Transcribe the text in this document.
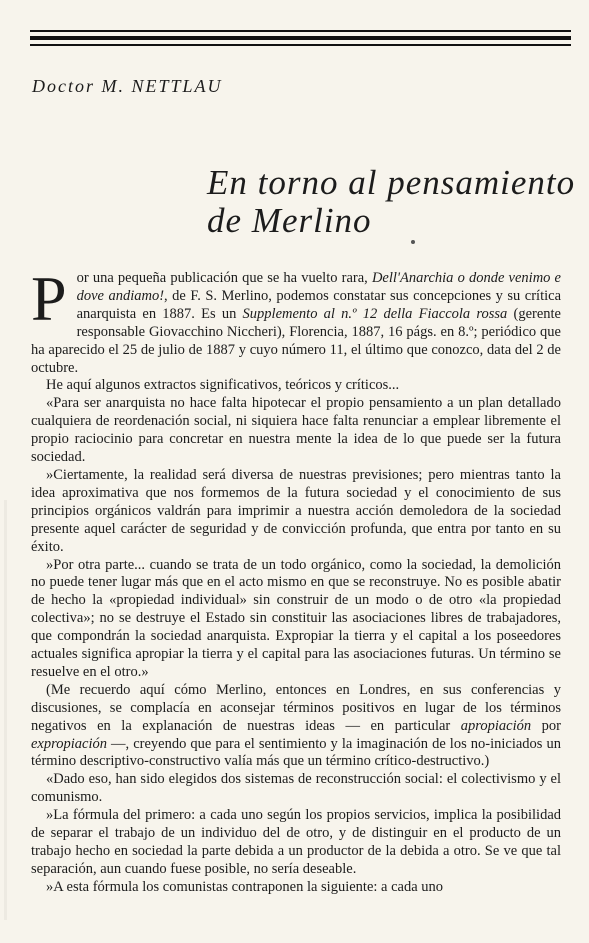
Doctor M. NETTLAU
En torno al pensamiento
de Merlino

Por una pequeña publicación que se ha vuelto rara, Dell'Anarchia o donde venimo e dove andiamo!, de F. S. Merlino, podemos constatar sus concepciones y su crítica anarquista en 1887. Es un Supplemento al n.º 12 della Fiaccola rossa (gerente responsable Giovacchino Niccheri), Florencia, 1887, 16 págs. en 8.º; periódico que ha aparecido el 25 de julio de 1887 y cuyo número 11, el último que conozco, data del 2 de octubre.

He aquí algunos extractos significativos, teóricos y críticos...

«Para ser anarquista no hace falta hipotecar el propio pensamiento a un plan detallado cualquiera de reordenación social, ni siquiera hace falta renunciar a emplear libremente el propio raciocinio para concretar en nuestra mente la idea de lo que puede ser la futura sociedad.

»Ciertamente, la realidad será diversa de nuestras previsiones; pero mientras tanto la idea aproximativa que nos formemos de la futura sociedad y el conocimiento de sus principios orgánicos valdrán para imprimir a nuestra acción demoledora de la sociedad presente aquel carácter de seguridad y de convicción profunda, que entra por tanto en su éxito.

»Por otra parte... cuando se trata de un todo orgánico, como la sociedad, la demolición no puede tener lugar más que en el acto mismo en que se reconstruye. No es posible abatir de hecho la «propiedad individual» sin construir de un modo o de otro «la propiedad colectiva»; no se destruye el Estado sin constituir las asociaciones libres de trabajadores, que compondrán la sociedad anarquista. Expropiar la tierra y el capital a los poseedores actuales significa apropiar la tierra y el capital para las asociaciones futuras. Un término se resuelve en el otro.»

(Me recuerdo aquí cómo Merlino, entonces en Londres, en sus conferencias y discusiones, se complacía en aconsejar términos positivos en lugar de los términos negativos en la explanación de nuestras ideas — en particular apropiación por expropiación —, creyendo que para el sentimiento y la imaginación de los no-iniciados un término descriptivo-constructivo valía más que un término crítico-destructivo.)

«Dado eso, han sido elegidos dos sistemas de reconstrucción social: el colectivismo y el comunismo.

»La fórmula del primero: a cada uno según los propios servicios, implica la posibilidad de separar el trabajo de un individuo del de otro, y de distinguir en el producto de un trabajo hecho en sociedad la parte debida a un productor de la debida a otro. Se ve que tal separación, aun cuando fuese posible, no sería deseable.

»A esta fórmula los comunistas contraponen la siguiente: a cada uno
